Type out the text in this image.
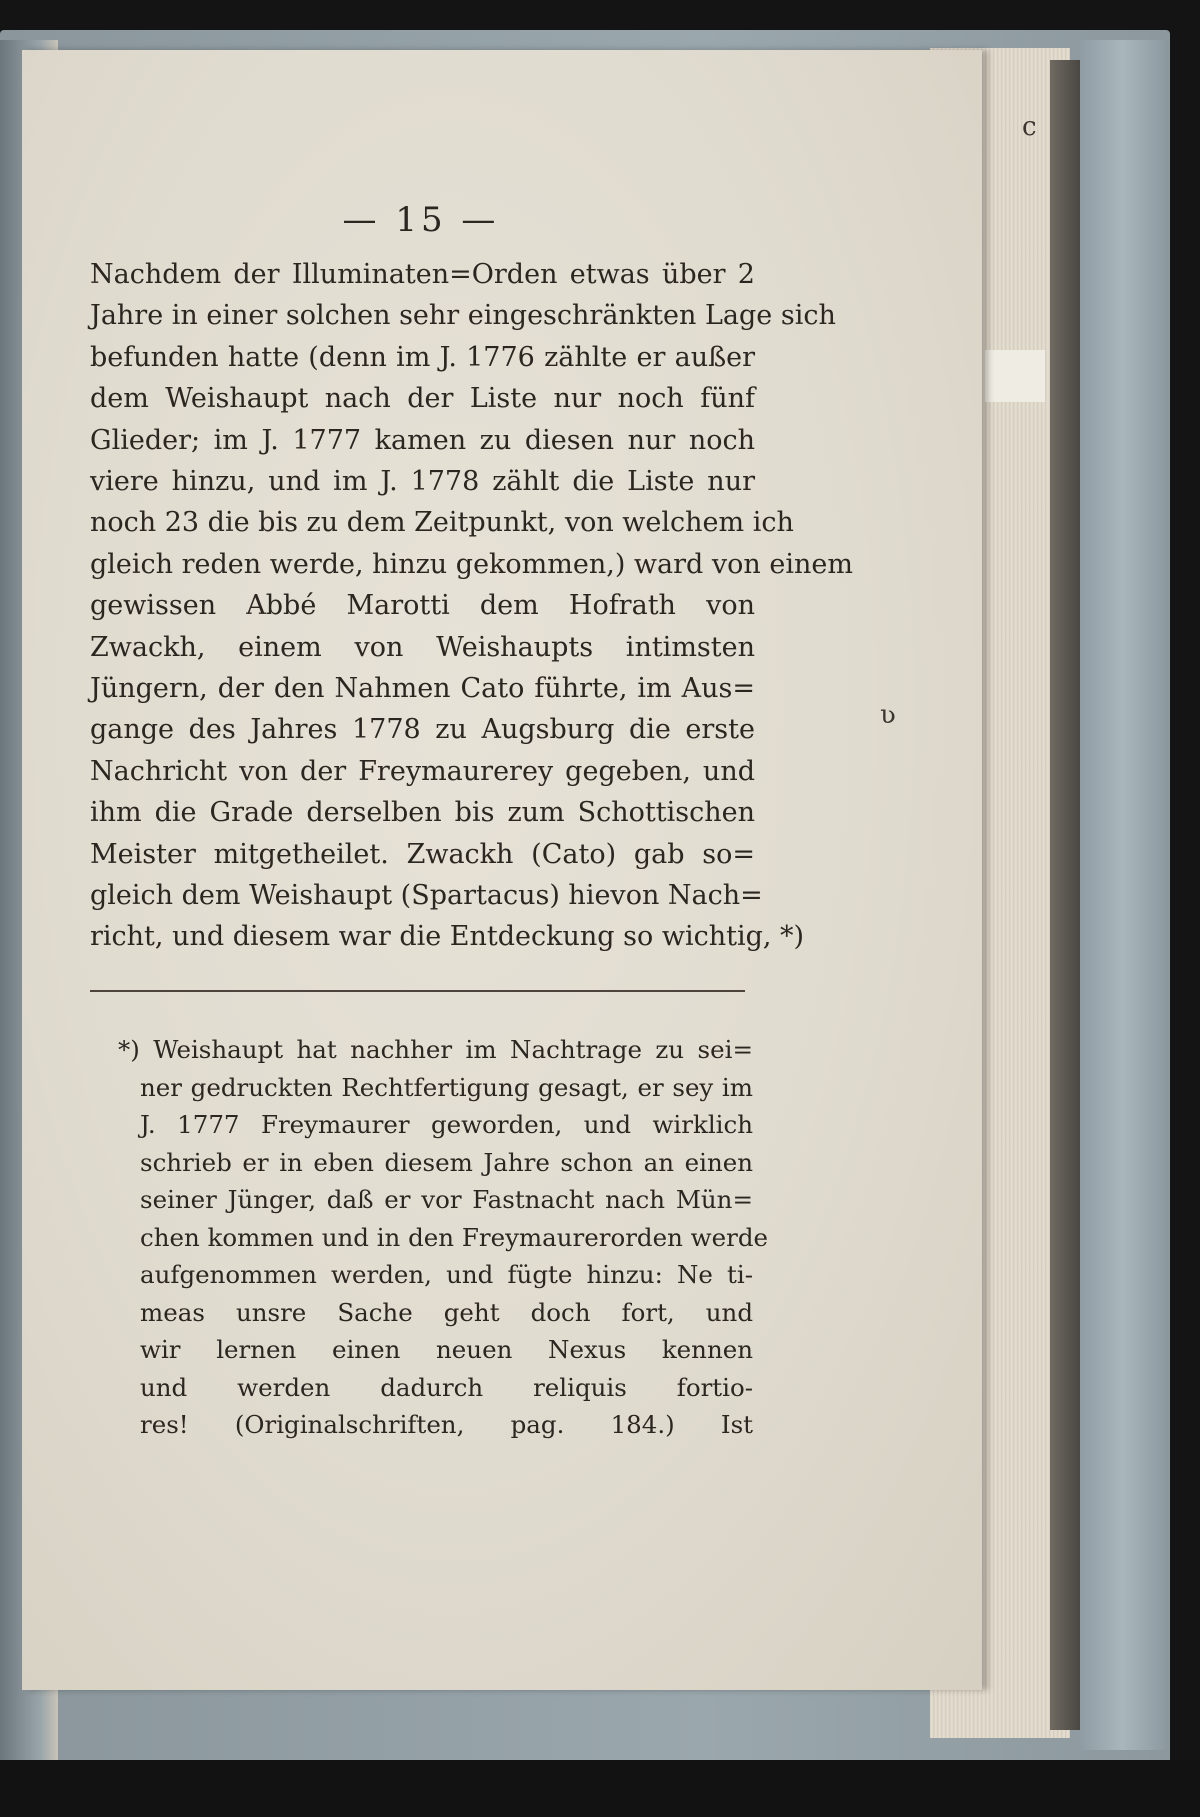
— 15 —
Nachdem der Illuminaten=Orden etwas über 2
Jahre in einer solchen sehr eingeschränkten Lage sich
befunden hatte (denn im J. 1776 zählte er außer
dem Weishaupt nach der Liste nur noch fünf
Glieder; im J. 1777 kamen zu diesen nur noch
viere hinzu, und im J. 1778 zählt die Liste nur
noch 23 die bis zu dem Zeitpunkt, von welchem ich
gleich reden werde, hinzu gekommen,) ward von einem
gewissen Abbé Marotti dem Hofrath von
Zwackh, einem von Weishaupts intimsten
Jüngern, der den Nahmen Cato führte, im Aus=
gange des Jahres 1778 zu Augsburg die erste
Nachricht von der Freymaurerey gegeben, und
ihm die Grade derselben bis zum Schottischen
Meister mitgetheilet. Zwackh (Cato) gab so=
gleich dem Weishaupt (Spartacus) hievon Nach=
richt, und diesem war die Entdeckung so wichtig, *)
*) Weishaupt hat nachher im Nachtrage zu sei=
ner gedruckten Rechtfertigung gesagt, er sey im
J. 1777 Freymaurer geworden, und wirklich
schrieb er in eben diesem Jahre schon an einen
seiner Jünger, daß er vor Fastnacht nach Mün=
chen kommen und in den Freymaurerorden werde
aufgenommen werden, und fügte hinzu: Ne ti-
meas unsre Sache geht doch fort, und
wir lernen einen neuen Nexus kennen
und werden dadurch reliquis fortio-
res! (Originalschriften, pag. 184.) Ist
c
ʋ
